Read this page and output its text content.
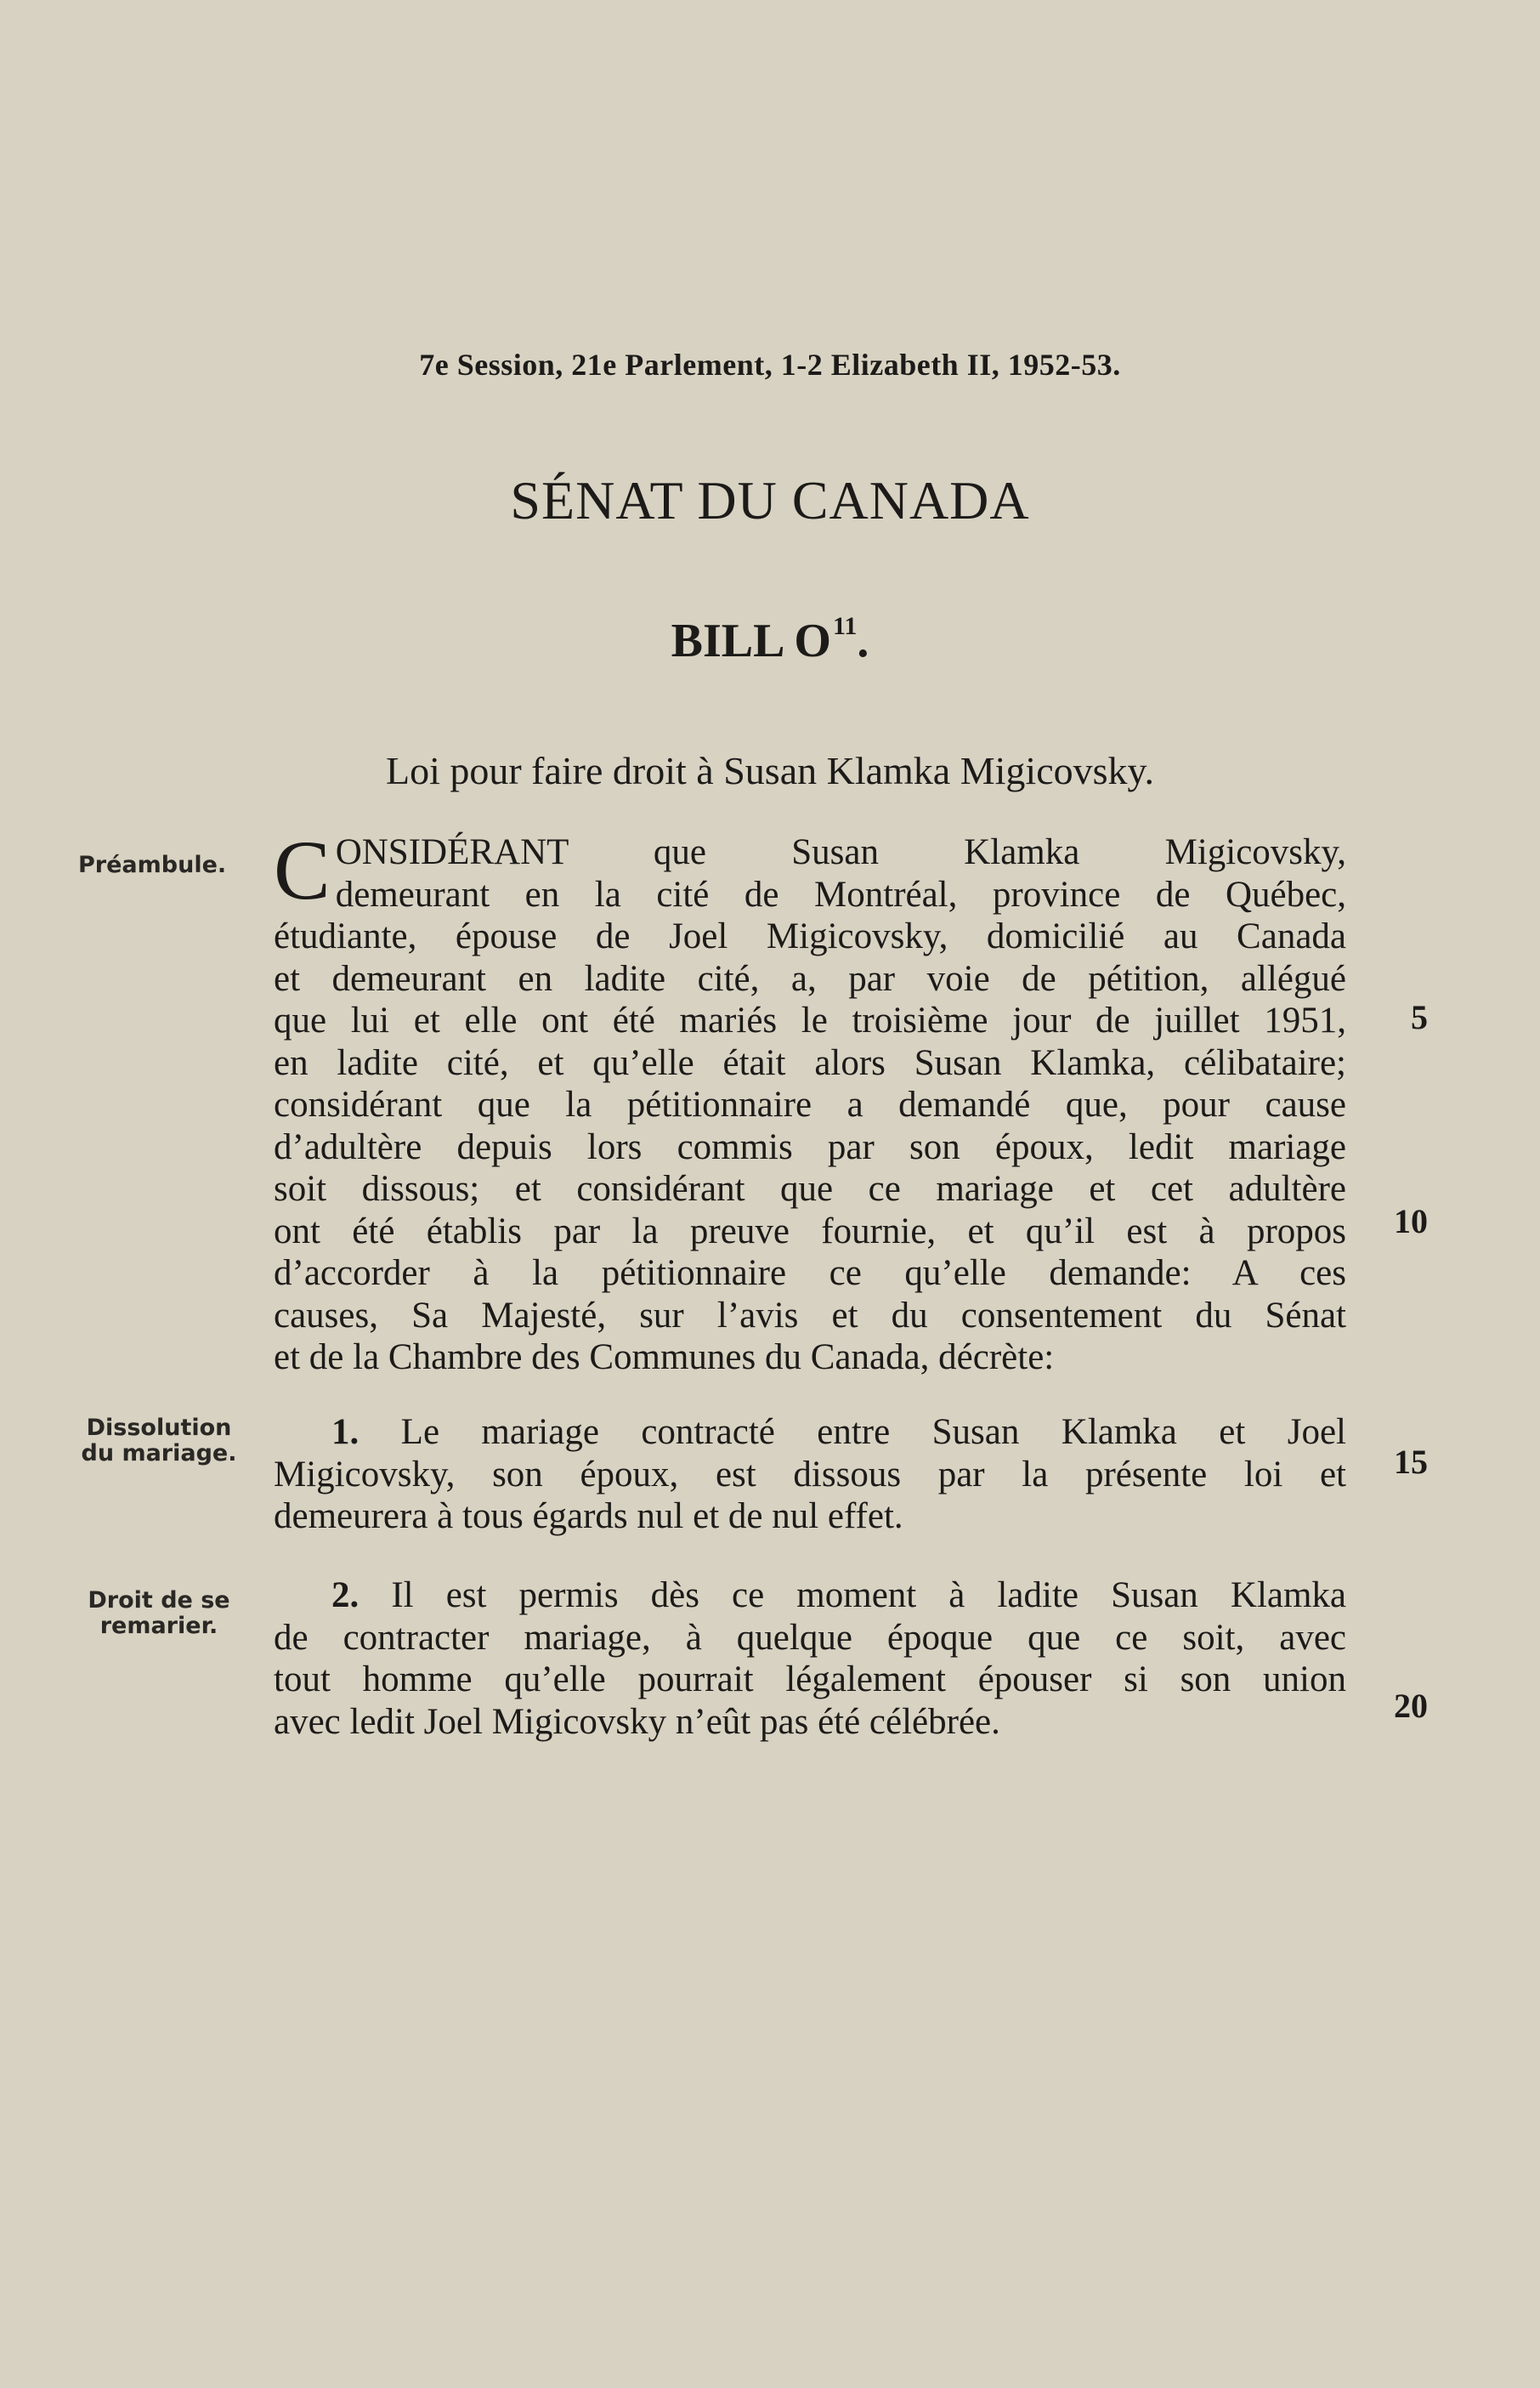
7e Session, 21e Parlement, 1-2 Elizabeth II, 1952-53.
SÉNAT DU CANADA
BILL $O^{11}$.
Loi pour faire droit à Susan Klamka Migicovsky.
Préambule.
Dissolution
du mariage.
Droit de se
remarier.
C ONSIDÉRANT que Susan Klamka Migicovsky,
demeurant en la cité de Montréal, province de Québec,
étudiante, épouse de Joel Migicovsky, domicilié au Canada
et demeurant en ladite cité, a, par voie de pétition, allégué
que lui et elle ont été mariés le troisième jour de juillet 1951,
en ladite cité, et qu’elle était alors Susan Klamka, célibataire;
considérant que la pétitionnaire a demandé que, pour cause
d’adultère depuis lors commis par son époux, ledit mariage
soit dissous; et considérant que ce mariage et cet adultère
ont été établis par la preuve fournie, et qu’il est à propos
d’accorder à la pétitionnaire ce qu’elle demande: A ces
causes, Sa Majesté, sur l’avis et du consentement du Sénat
et de la Chambre des Communes du Canada, décrète:
1. Le mariage contracté entre Susan Klamka et Joel
Migicovsky, son époux, est dissous par la présente loi et
demeurera à tous égards nul et de nul effet.
2. Il est permis dès ce moment à ladite Susan Klamka
de contracter mariage, à quelque époque que ce soit, avec
tout homme qu’elle pourrait légalement épouser si son union
avec ledit Joel Migicovsky n’eût pas été célébrée.
5
10
15
20
